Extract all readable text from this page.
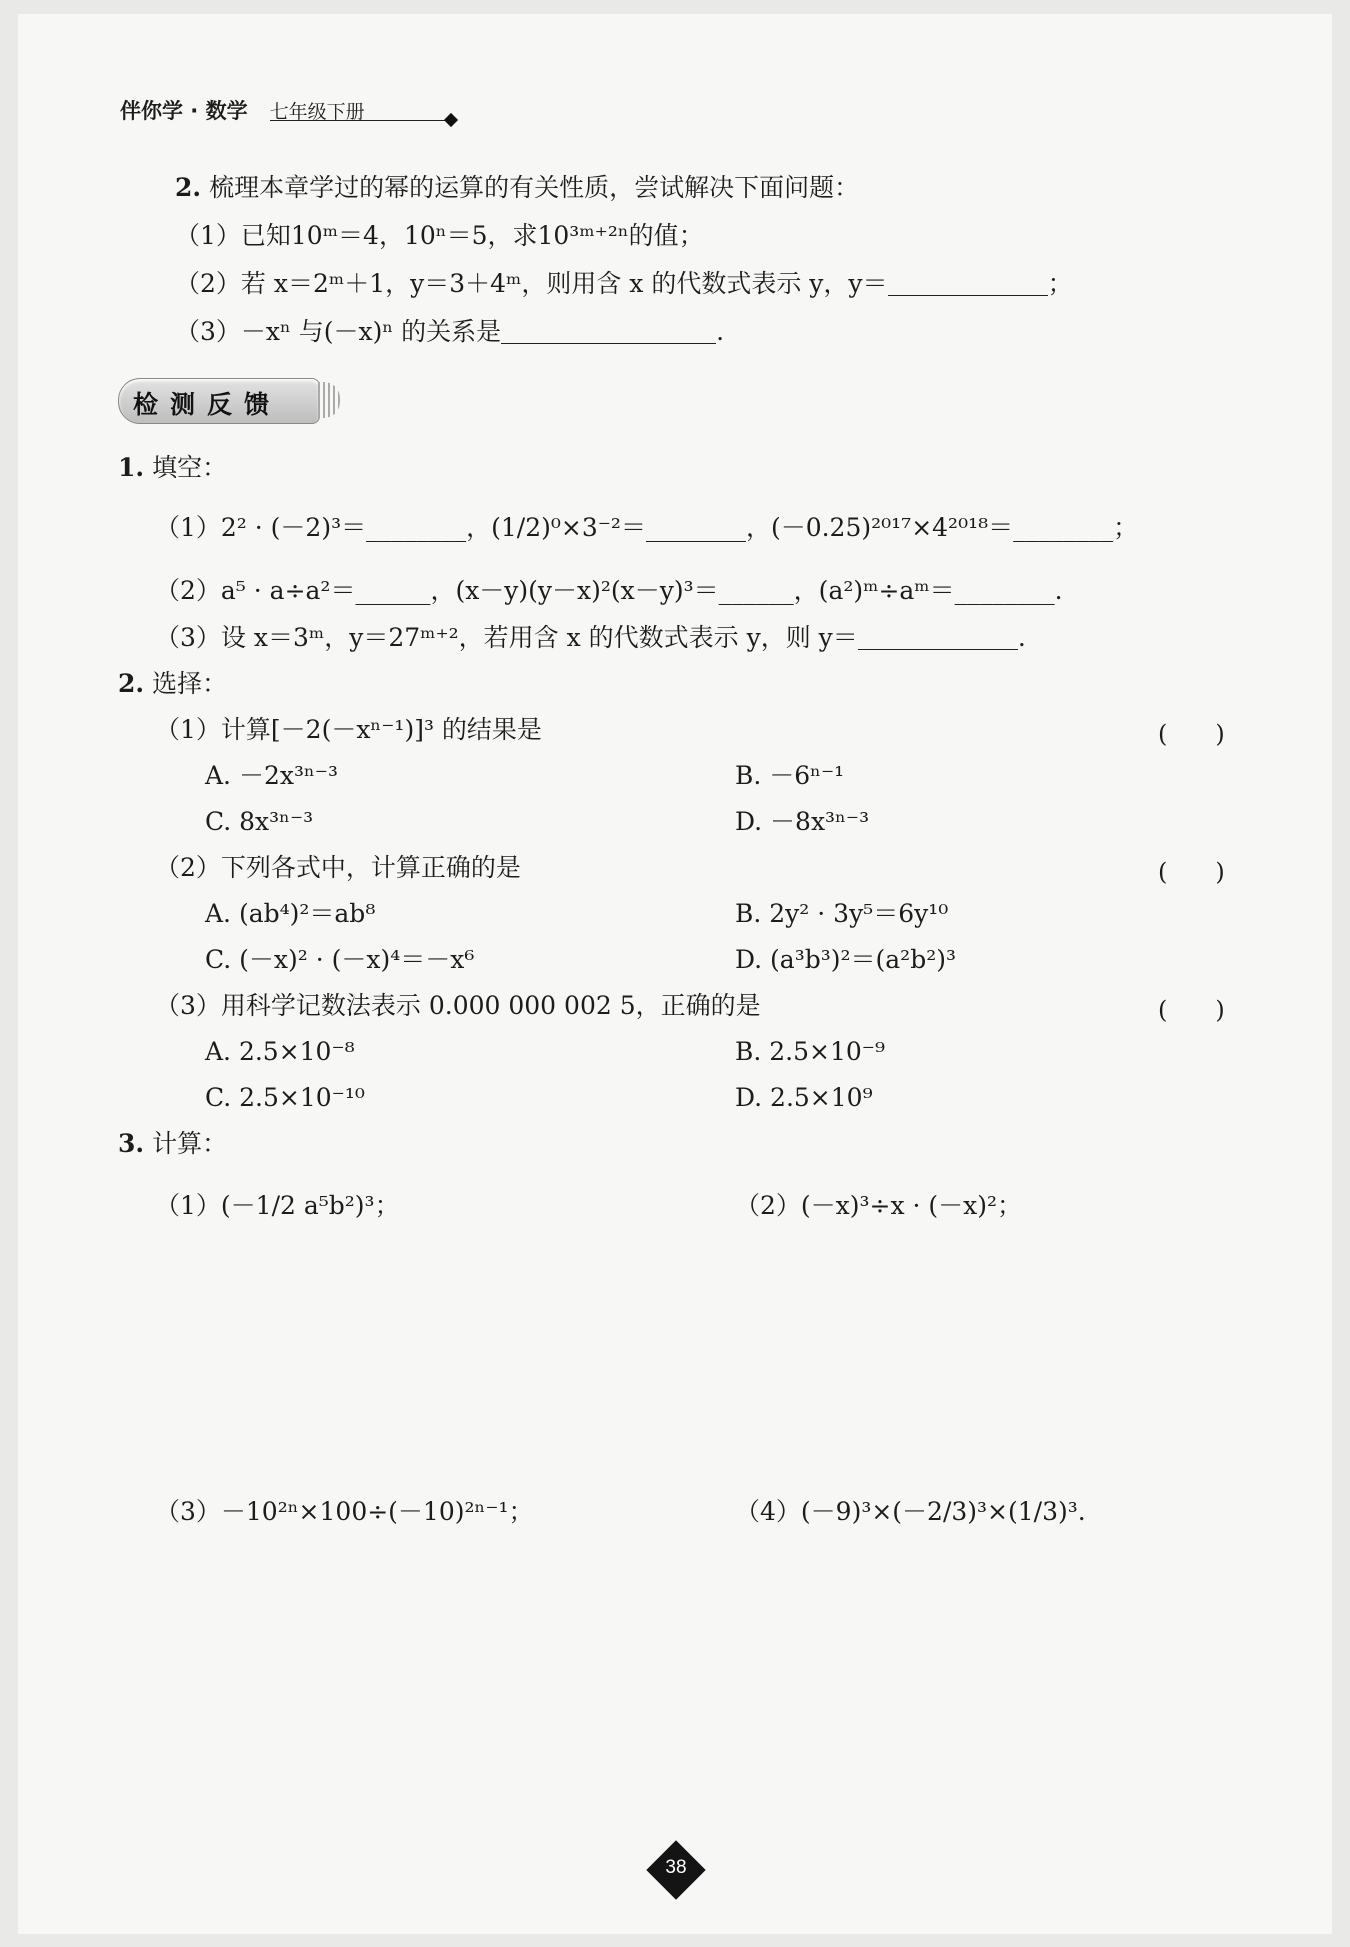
伴你学 · 数学 七年级下册
2. 梳理本章学过的幂的运算的有关性质，尝试解决下面问题：
（1）已知10ᵐ＝4，10ⁿ＝5，求10³ᵐ⁺²ⁿ的值；
（2）若 x＝2ᵐ＋1，y＝3＋4ᵐ，则用含 x 的代数式表示 y，y＝	；
（3）－xⁿ 与(－x)ⁿ 的关系是	.
检测反馈
1. 填空：
（1）2² · (－2)³＝________，(1/2)⁰×3⁻²＝________，(－0.25)²⁰¹⁷×4²⁰¹⁸＝________；
（2）a⁵ · a÷a²＝______，(x－y)(y－x)²(x－y)³＝______，(a²)ᵐ÷aᵐ＝________.
（3）设 x＝3ᵐ，y＝27ᵐ⁺²，若用含 x 的代数式表示 y，则 y＝	.
2. 选择：
（1）计算[－2(－xⁿ⁻¹)]³ 的结果是	(　　)
A. －2x³ⁿ⁻³	B. －6ⁿ⁻¹
C. 8x³ⁿ⁻³	D. －8x³ⁿ⁻³
（2）下列各式中，计算正确的是	(　　)
A. (ab⁴)²＝ab⁸	B. 2y² · 3y⁵＝6y¹⁰
C. (－x)² · (－x)⁴＝－x⁶	D. (a³b³)²＝(a²b²)³
（3）用科学记数法表示 0.000 000 002 5，正确的是	(　　)
A. 2.5×10⁻⁸	B. 2.5×10⁻⁹
C. 2.5×10⁻¹⁰	D. 2.5×10⁹
3. 计算：
（1）(－1/2 a⁵b²)³；	（2）(－x)³÷x · (－x)²；
（3）－10²ⁿ×100÷(－10)²ⁿ⁻¹；	（4）(－9)³×(－2/3)³×(1/3)³.
38
